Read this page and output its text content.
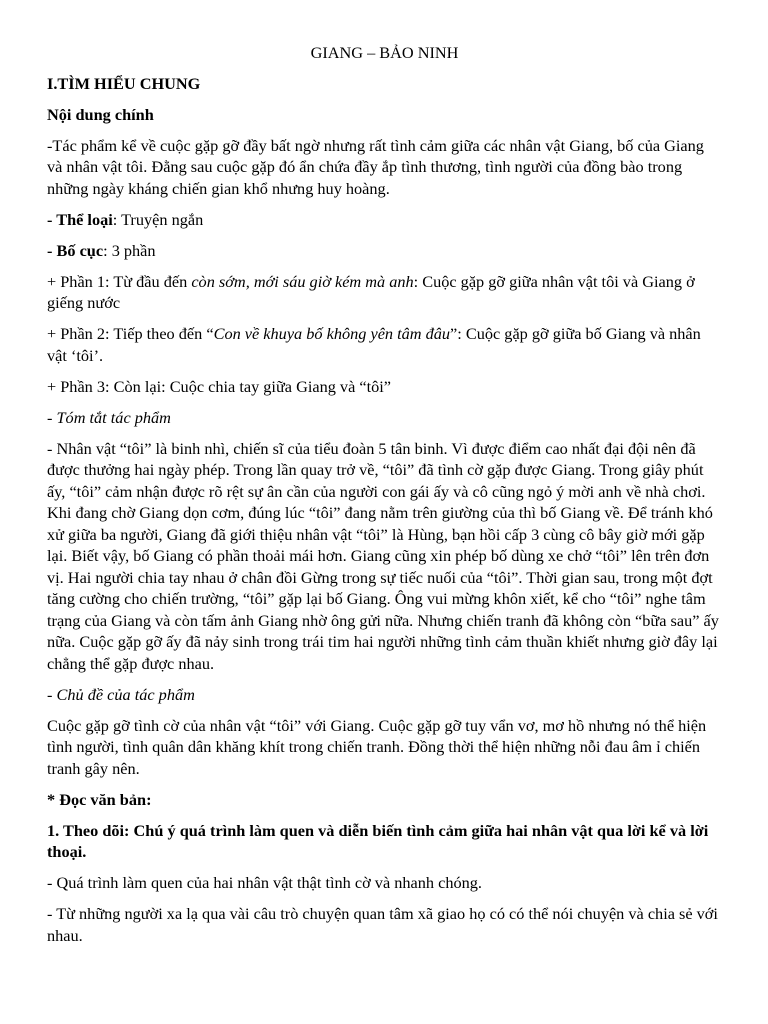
GIANG – BẢO NINH

I.TÌM HIỂU CHUNG

Nội dung chính

-Tác phẩm kể về cuộc gặp gỡ đầy bất ngờ nhưng rất tình cảm giữa các nhân vật Giang, bố của Giang và nhân vật tôi. Đằng sau cuộc gặp đó ẩn chứa đầy ắp tình thương, tình người của đồng bào trong những ngày kháng chiến gian khổ nhưng huy hoàng.

- Thể loại: Truyện ngắn

- Bố cục: 3 phần

+ Phần 1: Từ đầu đến còn sớm, mới sáu giờ kém mà anh: Cuộc gặp gỡ giữa nhân vật tôi và Giang ở giếng nước

+ Phần 2: Tiếp theo đến “Con về khuya bố không yên tâm đâu”: Cuộc gặp gỡ giữa bố Giang và nhân vật ‘tôi’.

+ Phần 3: Còn lại: Cuộc chia tay giữa Giang và “tôi”

- Tóm tắt tác phẩm

- Nhân vật “tôi” là binh nhì, chiến sĩ của tiểu đoàn 5 tân binh. Vì được điểm cao nhất đại đội nên đã được thưởng hai ngày phép. Trong lần quay trở về, “tôi” đã tình cờ gặp được Giang. Trong giây phút ấy, “tôi” cảm nhận được rõ rệt sự ân cần của người con gái ấy và cô cũng ngỏ ý mời anh về nhà chơi. Khi đang chờ Giang dọn cơm, đúng lúc “tôi” đang nằm trên giường của thì bố Giang về. Để tránh khó xử giữa ba người, Giang đã giới thiệu nhân vật “tôi” là Hùng, bạn hồi cấp 3 cùng cô bây giờ mới gặp lại. Biết vậy, bố Giang có phần thoải mái hơn. Giang cũng xin phép bố dùng xe chở “tôi” lên trên đơn vị. Hai người chia tay nhau ở chân đồi Gừng trong sự tiếc nuối của “tôi”. Thời gian sau, trong một đợt tăng cường cho chiến trường, “tôi” gặp lại bố Giang. Ông vui mừng khôn xiết, kể cho “tôi” nghe tâm trạng của Giang và còn tấm ảnh Giang nhờ ông gửi nữa. Nhưng chiến tranh đã không còn “bữa sau” ấy nữa. Cuộc gặp gỡ ấy đã nảy sinh trong trái tim hai người những tình cảm thuần khiết nhưng giờ đây lại chẳng thể gặp được nhau.

- Chủ đề của tác phẩm

Cuộc gặp gỡ tình cờ của nhân vật “tôi” với Giang. Cuộc gặp gỡ tuy vẩn vơ, mơ hồ nhưng nó thể hiện tình người, tình quân dân khăng khít trong chiến tranh. Đồng thời thể hiện những nỗi đau âm ỉ chiến tranh gây nên.

* Đọc văn bản:

1. Theo dõi: Chú ý quá trình làm quen và diễn biến tình cảm giữa hai nhân vật qua lời kể và lời thoại.

- Quá trình làm quen của hai nhân vật thật tình cờ và nhanh chóng.

- Từ những người xa lạ qua vài câu trò chuyện quan tâm xã giao họ có có thể nói chuyện và chia sẻ với nhau.
